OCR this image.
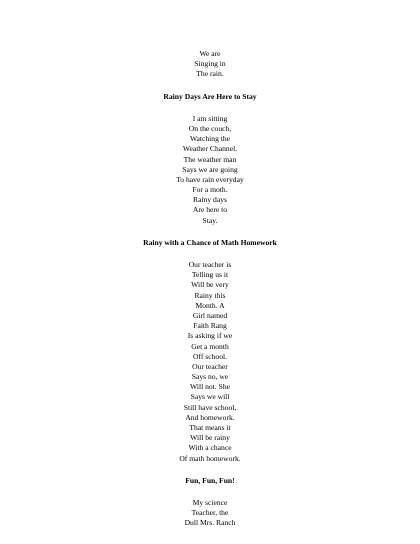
We are
Singing in
The rain.
Rainy Days Are Here to Stay
I am sitting
On the couch,
Watching the
Weather Channel.
The weather man
Says we are going
To have rain everyday
For a moth.
Rainy days
Are here to
Stay.
Rainy with a Chance of Math Homework
Our teacher is
Telling us it
Will be very
Rainy this
Month. A
Girl named
Faith Rang
Is asking if we
Get a month
Off school.
Our teacher
Says no, we
Will not. She
Says we will
Still have school,
And homework.
That means it
Will be rainy
With a chance
Of math homework.
Fun, Fun, Fun!
My science
Teacher, the
Dull Mrs. Ranch
